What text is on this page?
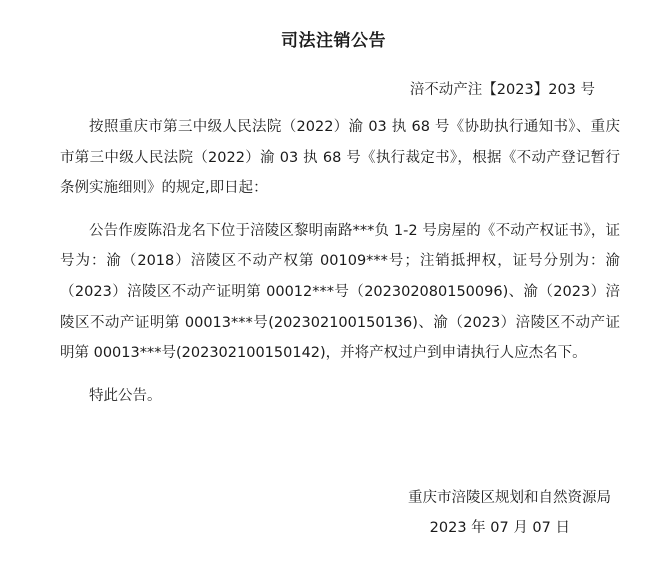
司法注销公告
涪不动产注【2023】203 号

按照重庆市第三中级人民法院（2022）渝 03 执 68 号《协助执行通知书》、重庆市第三中级人民法院（2022）渝 03 执 68 号《执行裁定书》，根据《不动产登记暂行条例实施细则》的规定,即日起：

公告作废陈沿龙名下位于涪陵区黎明南路***负 1-2 号房屋的《不动产权证书》，证号为：渝（2018）涪陵区不动产权第 00109***号；注销抵押权，证号分别为：渝（2023）涪陵区不动产证明第 00012***号（202302080150096)、渝（2023）涪陵区不动产证明第 00013***号(202302100150136)、渝（2023）涪陵区不动产证明第 00013***号(202302100150142)，并将产权过户到申请执行人应杰名下。

特此公告。

重庆市涪陵区规划和自然资源局
2023 年 07 月 07 日
